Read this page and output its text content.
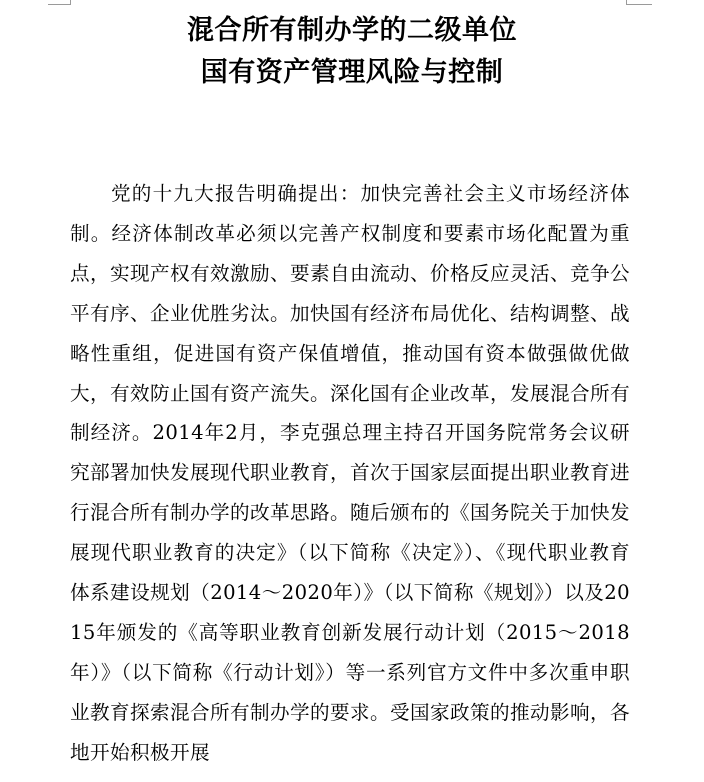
混合所有制办学的二级单位
国有资产管理风险与控制

党的十九大报告明确提出：加快完善社会主义市场经济体制。经济体制改革必须以完善产权制度和要素市场化配置为重点，实现产权有效激励、要素自由流动、价格反应灵活、竞争公平有序、企业优胜劣汰。加快国有经济布局优化、结构调整、战略性重组，促进国有资产保值增值，推动国有资本做强做优做大，有效防止国有资产流失。深化国有企业改革，发展混合所有制经济。2014年2月，李克强总理主持召开国务院常务会议研究部署加快发展现代职业教育，首次于国家层面提出职业教育进行混合所有制办学的改革思路。随后颁布的《国务院关于加快发展现代职业教育的决定》（以下简称《决定》）、《现代职业教育体系建设规划（2014～2020年）》（以下简称《规划》）以及2015年颁发的《高等职业教育创新发展行动计划（2015～2018年）》（以下简称《行动计划》）等一系列官方文件中多次重申职业教育探索混合所有制办学的要求。受国家政策的推动影响，各地开始积极开展
